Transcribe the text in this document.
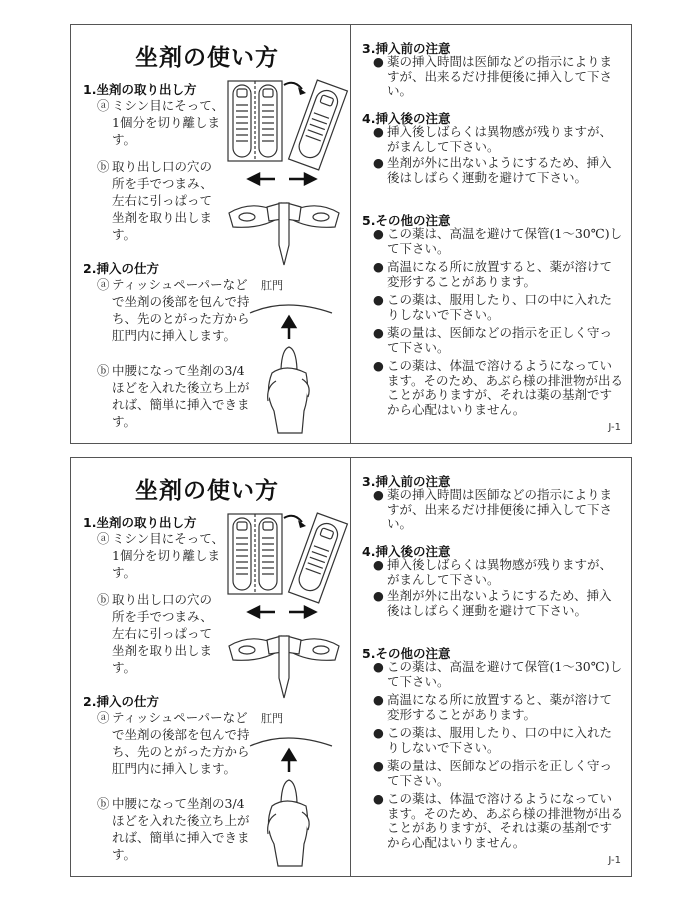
坐剤の使い方
1.坐剤の取り出し方
ⓐ ミシン目にそって、1個分を切り離します。
ⓑ 取り出し口の穴の所を手でつまみ、左右に引っぱって坐剤を取り出します。
2.挿入の仕方
ⓐ ティッシュペーパーなどで坐剤の後部を包んで持ち、先のとがった方から肛門内に挿入します。
ⓑ 中腰になって坐剤の3/4ほどを入れた後立ち上がれば、簡単に挿入できます。
肛門
3.挿入前の注意
● 薬の挿入時間は医師などの指示によりますが、出来るだけ排便後に挿入して下さい。
4.挿入後の注意
● 挿入後しばらくは異物感が残りますが、がまんして下さい。
● 坐剤が外に出ないようにするため、挿入後はしばらく運動を避けて下さい。
5.その他の注意
● この薬は、高温を避けて保管(1〜30℃)して下さい。
● 高温になる所に放置すると、薬が溶けて変形することがあります。
● この薬は、服用したり、口の中に入れたりしないで下さい。
● 薬の量は、医師などの指示を正しく守って下さい。
● この薬は、体温で溶けるようになっています。そのため、あぶら様の排泄物が出ることがありますが、それは薬の基剤ですから心配はいりません。
J-1
坐剤の使い方
1.坐剤の取り出し方
ⓐ ミシン目にそって、1個分を切り離します。
ⓑ 取り出し口の穴の所を手でつまみ、左右に引っぱって坐剤を取り出します。
2.挿入の仕方
ⓐ ティッシュペーパーなどで坐剤の後部を包んで持ち、先のとがった方から肛門内に挿入します。
ⓑ 中腰になって坐剤の3/4ほどを入れた後立ち上がれば、簡単に挿入できます。
肛門
3.挿入前の注意
● 薬の挿入時間は医師などの指示によりますが、出来るだけ排便後に挿入して下さい。
4.挿入後の注意
● 挿入後しばらくは異物感が残りますが、がまんして下さい。
● 坐剤が外に出ないようにするため、挿入後はしばらく運動を避けて下さい。
5.その他の注意
● この薬は、高温を避けて保管(1〜30℃)して下さい。
● 高温になる所に放置すると、薬が溶けて変形することがあります。
● この薬は、服用したり、口の中に入れたりしないで下さい。
● 薬の量は、医師などの指示を正しく守って下さい。
● この薬は、体温で溶けるようになっています。そのため、あぶら様の排泄物が出ることがありますが、それは薬の基剤ですから心配はいりません。
J-1
